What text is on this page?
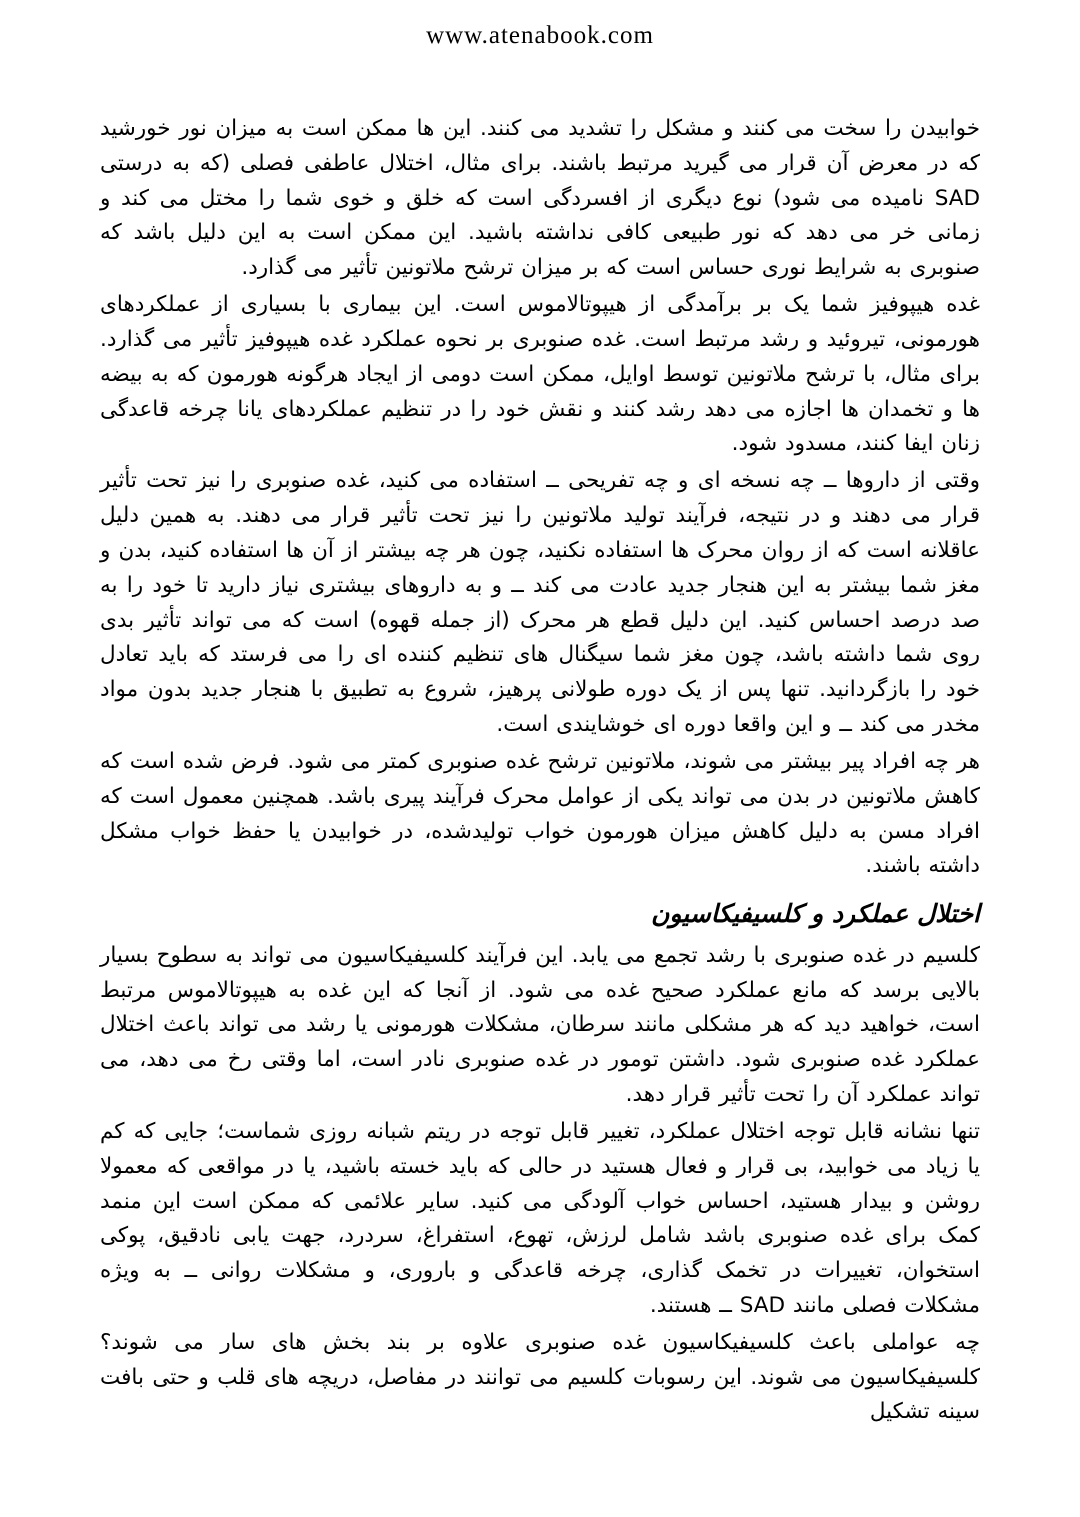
www.atenabook.com

خوابیدن را سخت می کنند و مشکل را تشدید می کنند. این ها ممکن است به میزان نور خورشید که در معرض آن قرار می گیرید مرتبط باشند. برای مثال، اختلال عاطفی فصلی (که به درستی SAD نامیده می شود) نوع دیگری از افسردگی است که خلق و خوی شما را مختل می کند و زمانی خر می دهد که نور طبیعی کافی نداشته باشید. این ممکن است به این دلیل باشد که صنوبری به شرایط نوری حساس است که بر میزان ترشح ملاتونین تأثیر می گذارد.

غده هیپوفیز شما یک بر برآمدگی از هیپوتالاموس است. این بیماری با بسیاری از عملکردهای هورمونی، تیروئید و رشد مرتبط است. غده صنوبری بر نحوه عملکرد غده هیپوفیز تأثیر می گذارد. برای مثال، با ترشح ملاتونین توسط اوایل، ممکن است دومی از ایجاد هرگونه هورمون که به بیضه ها و تخمدان ها اجازه می دهد رشد کنند و نقش خود را در تنظیم عملکردهای یانا چرخه قاعدگی زنان ایفا کنند، مسدود شود.

وقتی از داروها ــ چه نسخه ای و چه تفریحی ــ استفاده می کنید، غده صنوبری را نیز تحت تأثیر قرار می دهند و در نتیجه، فرآیند تولید ملاتونین را نیز تحت تأثیر قرار می دهند. به همین دلیل عاقلانه است که از روان محرک ها استفاده نکنید، چون هر چه بیشتر از آن ها استفاده کنید، بدن و مغز شما بیشتر به این هنجار جدید عادت می کند ــ و به داروهای بیشتری نیاز دارید تا خود را به صد درصد احساس کنید. این دلیل قطع هر محرک (از جمله قهوه) است که می تواند تأثیر بدی روی شما داشته باشد، چون مغز شما سیگنال های تنظیم کننده ای را می فرستد که باید تعادل خود را بازگردانید. تنها پس از یک دوره طولانی پرهیز، شروع به تطبیق با هنجار جدید بدون مواد مخدر می کند ــ و این واقعا دوره ای خوشایندی است.

هر چه افراد پیر بیشتر می شوند، ملاتونین ترشح غده صنوبری کمتر می شود. فرض شده است که کاهش ملاتونین در بدن می تواند یکی از عوامل محرک فرآیند پیری باشد. همچنین معمول است که افراد مسن به دلیل کاهش میزان هورمون خواب تولیدشده، در خوابیدن یا حفظ خواب مشکل داشته باشند.

اختلال عملکرد و کلسیفیکاسیون

کلسیم در غده صنوبری با رشد تجمع می یابد. این فرآیند کلسیفیکاسیون می تواند به سطوح بسیار بالایی برسد که مانع عملکرد صحیح غده می شود. از آنجا که این غده به هیپوتالاموس مرتبط است، خواهید دید که هر مشکلی مانند سرطان، مشکلات هورمونی یا رشد می تواند باعث اختلال عملکرد غده صنوبری شود. داشتن تومور در غده صنوبری نادر است، اما وقتی رخ می دهد، می تواند عملکرد آن را تحت تأثیر قرار دهد.

تنها نشانه قابل توجه اختلال عملکرد، تغییر قابل توجه در ریتم شبانه روزی شماست؛ جایی که کم یا زیاد می خوابید، بی قرار و فعال هستید در حالی که باید خسته باشید، یا در مواقعی که معمولا روشن و بیدار هستید، احساس خواب آلودگی می کنید. سایر علائمی که ممکن است این منمد کمک برای غده صنوبری باشد شامل لرزش، تهوع، استفراغ، سردرد، جهت یابی نادقیق، پوکی استخوان، تغییرات در تخمک گذاری، چرخه قاعدگی و باروری، و مشکلات روانی ــ به ویژه مشکلات فصلی مانند SAD ــ هستند.

چه عواملی باعث کلسیفیکاسیون غده صنوبری علاوه بر بند بخش های سار می شوند؟ کلسیفیکاسیون می شوند. این رسوبات کلسیم می توانند در مفاصل، دریچه های قلب و حتی بافت سینه تشکیل
